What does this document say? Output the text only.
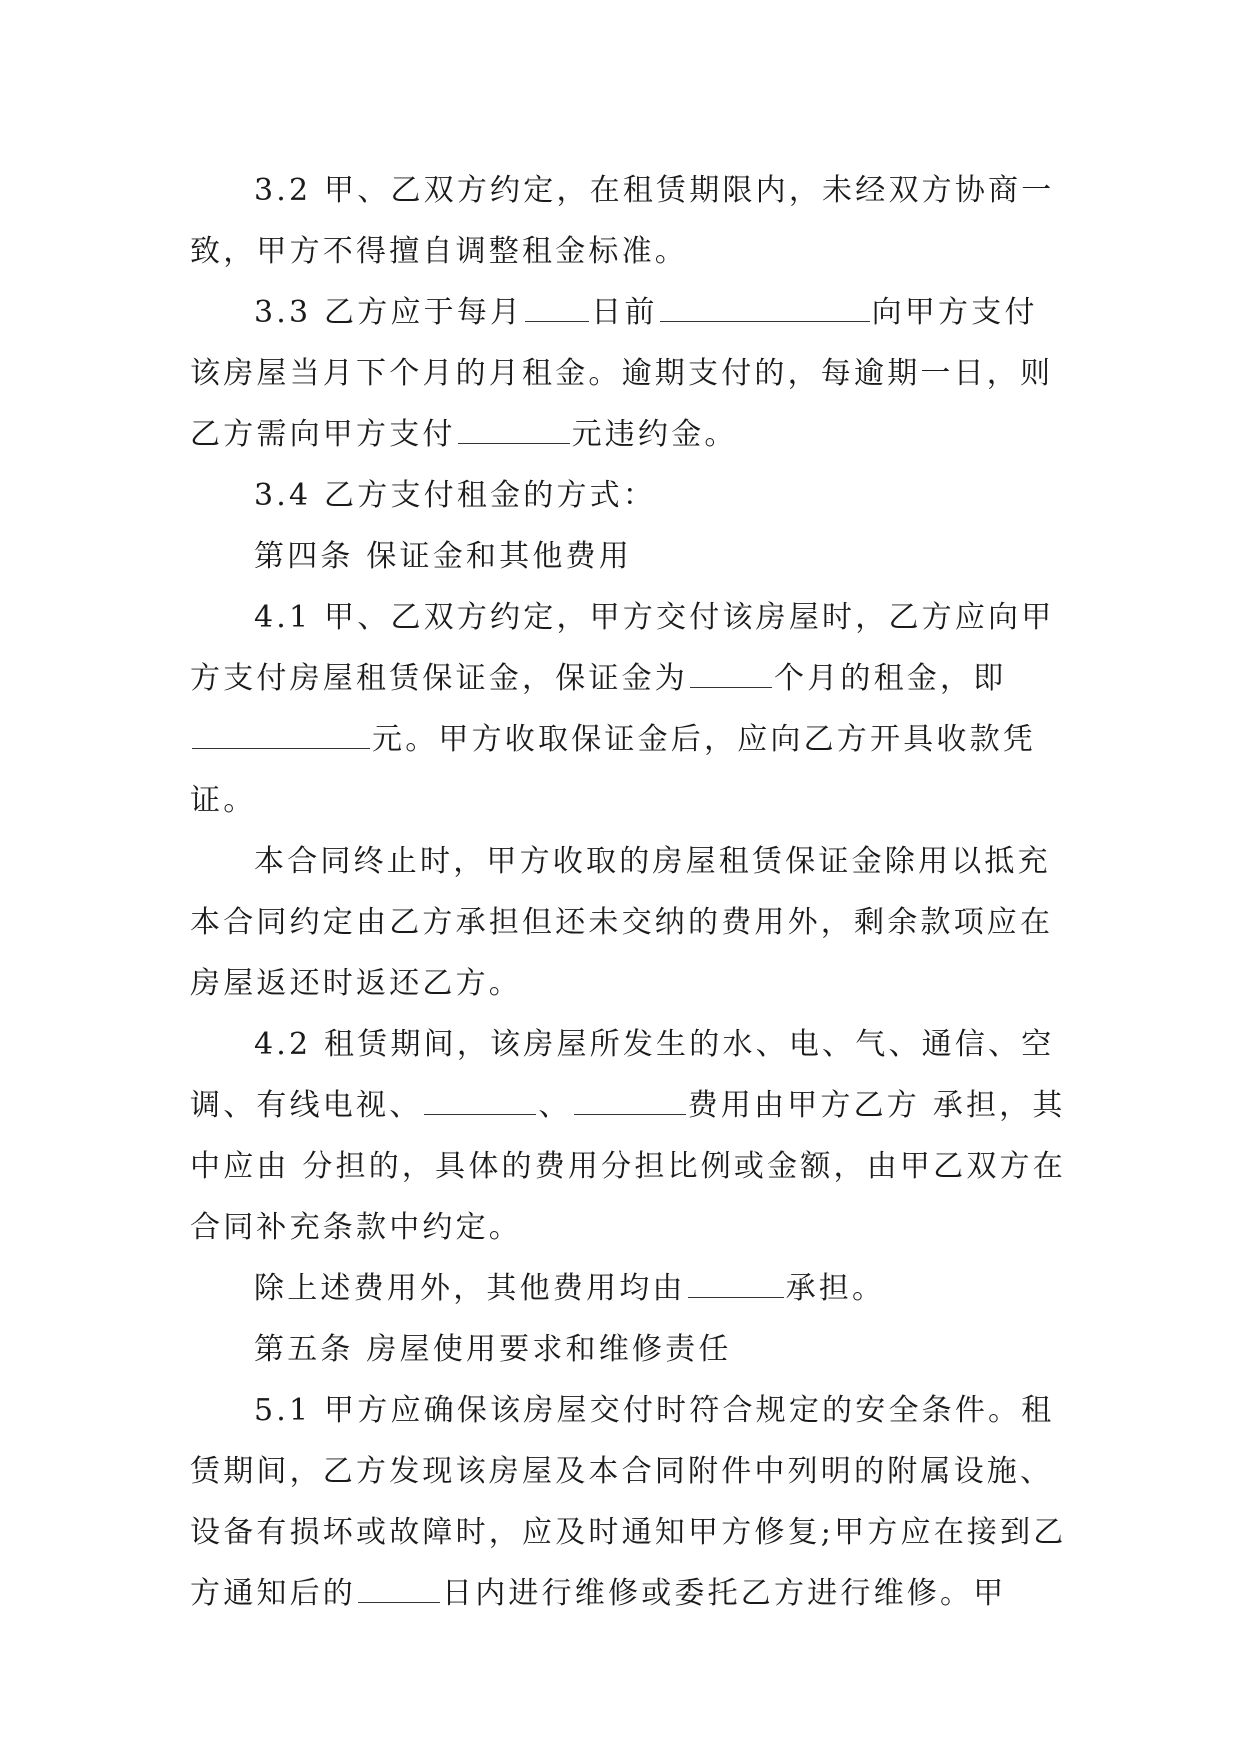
3.2 甲、乙双方约定，在租赁期限内，未经双方协商一致，甲方不得擅自调整租金标准。

3.3 乙方应于每月 日前	向甲方支付该房屋当月下个月的月租金。逾期支付的，每逾期一日，则乙方需向甲方支付	元违约金。

3.4 乙方支付租金的方式：

第四条 保证金和其他费用

4.1 甲、乙双方约定，甲方交付该房屋时，乙方应向甲方支付房屋租赁保证金，保证金为	个月的租金，即元。甲方收取保证金后，应向乙方开具收款凭证。

本合同终止时，甲方收取的房屋租赁保证金除用以抵充本合同约定由乙方承担但还未交纳的费用外，剩余款项应在房屋返还时返还乙方。

4.2 租赁期间，该房屋所发生的水、电、气、通信、空调、有线电视、	、	费用由甲方乙方 承担，其中应由 分担的，具体的费用分担比例或金额，由甲乙双方在合同补充条款中约定。

除上述费用外，其他费用均由	承担。

第五条 房屋使用要求和维修责任

5.1 甲方应确保该房屋交付时符合规定的安全条件。租赁期间，乙方发现该房屋及本合同附件中列明的附属设施、设备有损坏或故障时，应及时通知甲方修复;甲方应在接到乙方通知后的	日内进行维修或委托乙方进行维修。甲
